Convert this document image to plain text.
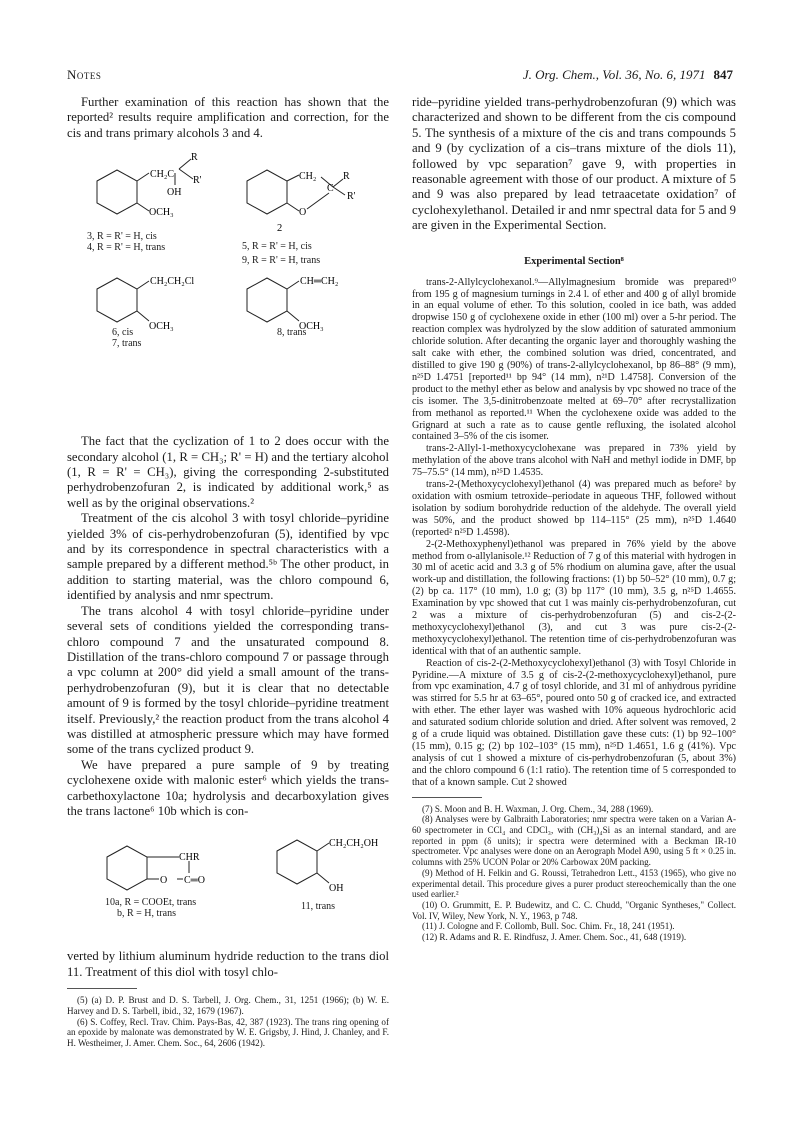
Notes	J. Org. Chem., Vol. 36, No. 6, 1971 847

Further examination of this reaction has shown that the reported² results require amplification and correction, for the cis and trans primary alcohols 3 and 4.

CH₂C
R
R'
OH
OCH₃
CH₂	R
C
R'
O
2
3, R = R' = H, cis
4, R = R' = H, trans	5, R = R' = H, cis
9, R = R' = H, trans
CH₂CH₂Cl
OCH₃
CH═CH₂
OCH₃
6, cis
7, trans
8, trans

The fact that the cyclization of 1 to 2 does occur with the secondary alcohol (1, R = CH₃; R' = H) and the tertiary alcohol (1, R = R' = CH₃), giving the corresponding 2-substituted perhydrobenzofuran 2, is indicated by additional work,⁵ as well as by the original observations.²

Treatment of the cis alcohol 3 with tosyl chloride–pyridine yielded 3% of cis-perhydrobenzofuran (5), identified by vpc and by its correspondence in spectral characteristics with a sample prepared by a different method.⁵ᵇ The other product, in addition to starting material, was the chloro compound 6, identified by analysis and nmr spectrum.

The trans alcohol 4 with tosyl chloride–pyridine under several sets of conditions yielded the corresponding trans-chloro compound 7 and the unsaturated compound 8. Distillation of the trans-chloro compound 7 or passage through a vpc column at 200° did yield a small amount of the trans-perhydrobenzofuran (9), but it is clear that no detectable amount of 9 is formed by the tosyl chloride–pyridine treatment itself. Previously,² the reaction product from the trans alcohol 4 was distilled at atmospheric pressure which may have formed some of the trans cyclized product 9.

We have prepared a pure sample of 9 by treating cyclohexene oxide with malonic ester⁶ which yields the trans-carbethoxylactone 10a; hydrolysis and decarboxylation gives the trans lactone⁶ 10b which is con-

CHR
O C═O
CH₂CH₂OH
OH
10a, R = COOEt, trans
b, R = H, trans
11, trans

verted by lithium aluminum hydride reduction to the trans diol 11. Treatment of this diol with tosyl chlo-

(5) (a) D. P. Brust and D. S. Tarbell, J. Org. Chem., 31, 1251 (1966); (b) W. E. Harvey and D. S. Tarbell, ibid., 32, 1679 (1967).

(6) S. Coffey, Recl. Trav. Chim. Pays-Bas, 42, 387 (1923). The trans ring opening of an epoxide by malonate was demonstrated by W. E. Grigsby, J. Hind, J. Chanley, and F. H. Westheimer, J. Amer. Chem. Soc., 64, 2606 (1942).

ride–pyridine yielded trans-perhydrobenzofuran (9) which was characterized and shown to be different from the cis compound 5. The synthesis of a mixture of the cis and trans compounds 5 and 9 (by cyclization of a cis–trans mixture of the diols 11), followed by vpc separation⁷ gave 9, with properties in reasonable agreement with those of our product. A mixture of 5 and 9 was also prepared by lead tetraacetate oxidation⁷ of cyclohexylethanol. Detailed ir and nmr spectral data for 5 and 9 are given in the Experimental Section.

Experimental Section⁸

trans-2-Allylcyclohexanol.⁹—Allylmagnesium bromide was prepared¹⁰ from 195 g of magnesium turnings in 2.4 l. of ether and 400 g of allyl bromide in an equal volume of ether. To this solution, cooled in ice bath, was added dropwise 150 g of cyclohexene oxide in ether (100 ml) over a 5-hr period. The reaction complex was hydrolyzed by the slow addition of saturated ammonium chloride solution. After decanting the organic layer and thoroughly washing the salt cake with ether, the combined solution was dried, concentrated, and distilled to give 190 g (90%) of trans-2-allylcyclohexanol, bp 86–88° (9 mm), n²⁵D 1.4751 [reported¹¹ bp 94° (14 mm), n²¹D 1.4758]. Conversion of the product to the methyl ether as below and analysis by vpc showed no trace of the cis isomer. The 3,5-dinitrobenzoate melted at 69–70° after recrystallization from methanol as reported.¹¹ When the cyclohexene oxide was added to the Grignard at such a rate as to cause gentle refluxing, the isolated alcohol contained 3–5% of the cis isomer.

trans-2-Allyl-1-methoxycyclohexane was prepared in 73% yield by methylation of the above trans alcohol with NaH and methyl iodide in DMF, bp 75–75.5° (14 mm), n²⁵D 1.4535.

trans-2-(Methoxycyclohexyl)ethanol (4) was prepared much as before² by oxidation with osmium tetroxide–periodate in aqueous THF, followed without isolation by sodium borohydride reduction of the aldehyde. The overall yield was 50%, and the product showed bp 114–115° (25 mm), n²⁵D 1.4640 (reported² n²⁵D 1.4598).

2-(2-Methoxyphenyl)ethanol was prepared in 76% yield by the above method from o-allylanisole.¹² Reduction of 7 g of this material with hydrogen in 30 ml of acetic acid and 3.3 g of 5% rhodium on alumina gave, after the usual work-up and distillation, the following fractions: (1) bp 50–52° (10 mm), 0.7 g; (2) bp ca. 117° (10 mm), 1.0 g; (3) bp 117° (10 mm), 3.5 g, n²⁵D 1.4655. Examination by vpc showed that cut 1 was mainly cis-perhydrobenzofuran, cut 2 was a mixture of cis-perhydrobenzofuran (5) and cis-2-(2-methoxycyclohexyl)ethanol (3), and cut 3 was pure cis-2-(2-methoxycyclohexyl)ethanol. The retention time of cis-perhydrobenzofuran was identical with that of an authentic sample.

Reaction of cis-2-(2-Methoxycyclohexyl)ethanol (3) with Tosyl Chloride in Pyridine.—A mixture of 3.5 g of cis-2-(2-methoxycyclohexyl)ethanol, pure from vpc examination, 4.7 g of tosyl chloride, and 31 ml of anhydrous pyridine was stirred for 5.5 hr at 63–65°, poured onto 50 g of cracked ice, and extracted with ether. The ether layer was washed with 10% aqueous hydrochloric acid and saturated sodium chloride solution and dried. After solvent was removed, 2 g of a crude liquid was obtained. Distillation gave these cuts: (1) bp 92–100° (15 mm), 0.15 g; (2) bp 102–103° (15 mm), n²⁵D 1.4651, 1.6 g (41%). Vpc analysis of cut 1 showed a mixture of cis-perhydrobenzofuran (5, about 3%) and the chloro compound 6 (1:1 ratio). The retention time of 5 corresponded to that of a known sample. Cut 2 showed

(7) S. Moon and B. H. Waxman, J. Org. Chem., 34, 288 (1969).

(8) Analyses were by Galbraith Laboratories; nmr spectra were taken on a Varian A-60 spectrometer in CCl₄ and CDCl₃, with (CH₃)₄Si as an internal standard, and are reported in ppm (δ units); ir spectra were determined with a Beckman IR-10 spectrometer. Vpc analyses were done on an Aerograph Model A90, using 5 ft × 0.25 in. columns with 25% UCON Polar or 20% Carbowax 20M packing.

(9) Method of H. Felkin and G. Roussi, Tetrahedron Lett., 4153 (1965), who give no experimental detail. This procedure gives a purer product stereochemically than the one used earlier.²

(10) O. Grummitt, E. P. Budewitz, and C. C. Chudd, "Organic Syntheses," Collect. Vol. IV, Wiley, New York, N. Y., 1963, p 748.

(11) J. Cologne and F. Collomb, Bull. Soc. Chim. Fr., 18, 241 (1951).

(12) R. Adams and R. E. Rindfusz, J. Amer. Chem. Soc., 41, 648 (1919).
